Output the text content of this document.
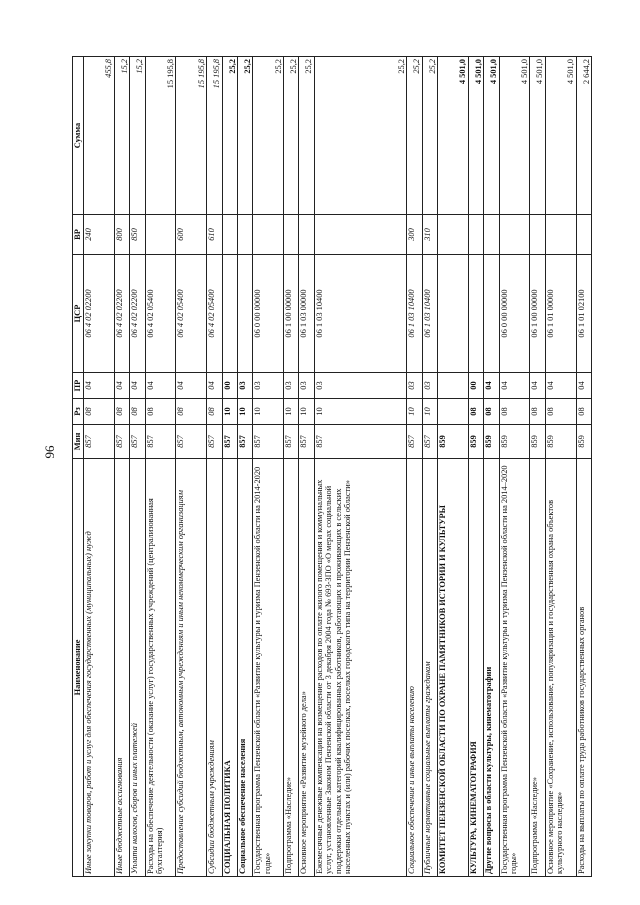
96
Наименование	Мин	Рз	ПР	ЦСР	ВР	Сумма
Иные закупки товаров, работ и услуг для обеспечения государственных (муниципальных) нужд	857	08	04	06 4 02 02200	240	455,8
Иные бюджетные ассигнования	857	08	04	06 4 02 02200	800	15,2
Уплата налогов, сборов и иных платежей	857	08	04	06 4 02 02200	850	15,2
Расходы на обеспечение деятельности (оказание услуг) государственных учреждений (централизованная бухгалтерия)	857	08	04	06 4 02 05400		15 195,8
Предоставление субсидий бюджетным, автономным учреждениям и иным некоммерческим организациям	857	08	04	06 4 02 05400	600	15 195,8
Субсидии бюджетным учреждениям	857	08	04	06 4 02 05400	610	15 195,8
СОЦИАЛЬНАЯ ПОЛИТИКА	857	10	00			25,2
Социальное обеспечение населения	857	10	03			25,2
Государственная программа Пензенской области «Развитие культуры и туризма Пензенской области на 2014-2020 годы»	857	10	03	06 0 00 00000		25,2
Подпрограмма «Наследие»	857	10	03	06 1 00 00000		25,2
Основное мероприятие «Развитие музейного дела»	857	10	03	06 1 03 00000		25,2
Ежемесячные денежные компенсации на возмещение расходов по оплате жилого помещения и коммунальных услуг, установленные Законом Пензенской области от 3 декабря 2004 года № 693-ЗПО «О мерах социальной поддержки отдельных категорий квалифицированных работников, работающих и проживающих в сельских населенных пунктах и (или) рабочих поселках, поселках городского типа на территории Пензенской области»	857	10	03	06 1 03 10400		25,2
Социальное обеспечение и иные выплаты населению	857	10	03	06 1 03 10400	300	25,2
Публичные нормативные социальные выплаты гражданам	857	10	03	06 1 03 10400	310	25,2
КОМИТЕТ ПЕНЗЕНСКОЙ ОБЛАСТИ ПО ОХРАНЕ ПАМЯТНИКОВ ИСТОРИИ И КУЛЬТУРЫ	859					4 501,0
КУЛЬТУРА, КИНЕМАТОГРАФИЯ	859	08	00			4 501,0
Другие вопросы в области культуры, кинематографии	859	08	04			4 501,0
Государственная программа Пензенской области «Развитие культуры и туризма Пензенской области на 2014–2020 годы»	859	08	04	06 0 00 00000		4 501,0
Подпрограмма «Наследие»	859	08	04	06 1 00 00000		4 501,0
Основное мероприятие «Сохранение, использование, популяризация и государственная охрана объектов культурного наследия»	859	08	04	06 1 01 00000		4 501,0
Расходы на выплаты по оплате труда работников государственных органов	859	08	04	06 1 01 02100		2 644,2
